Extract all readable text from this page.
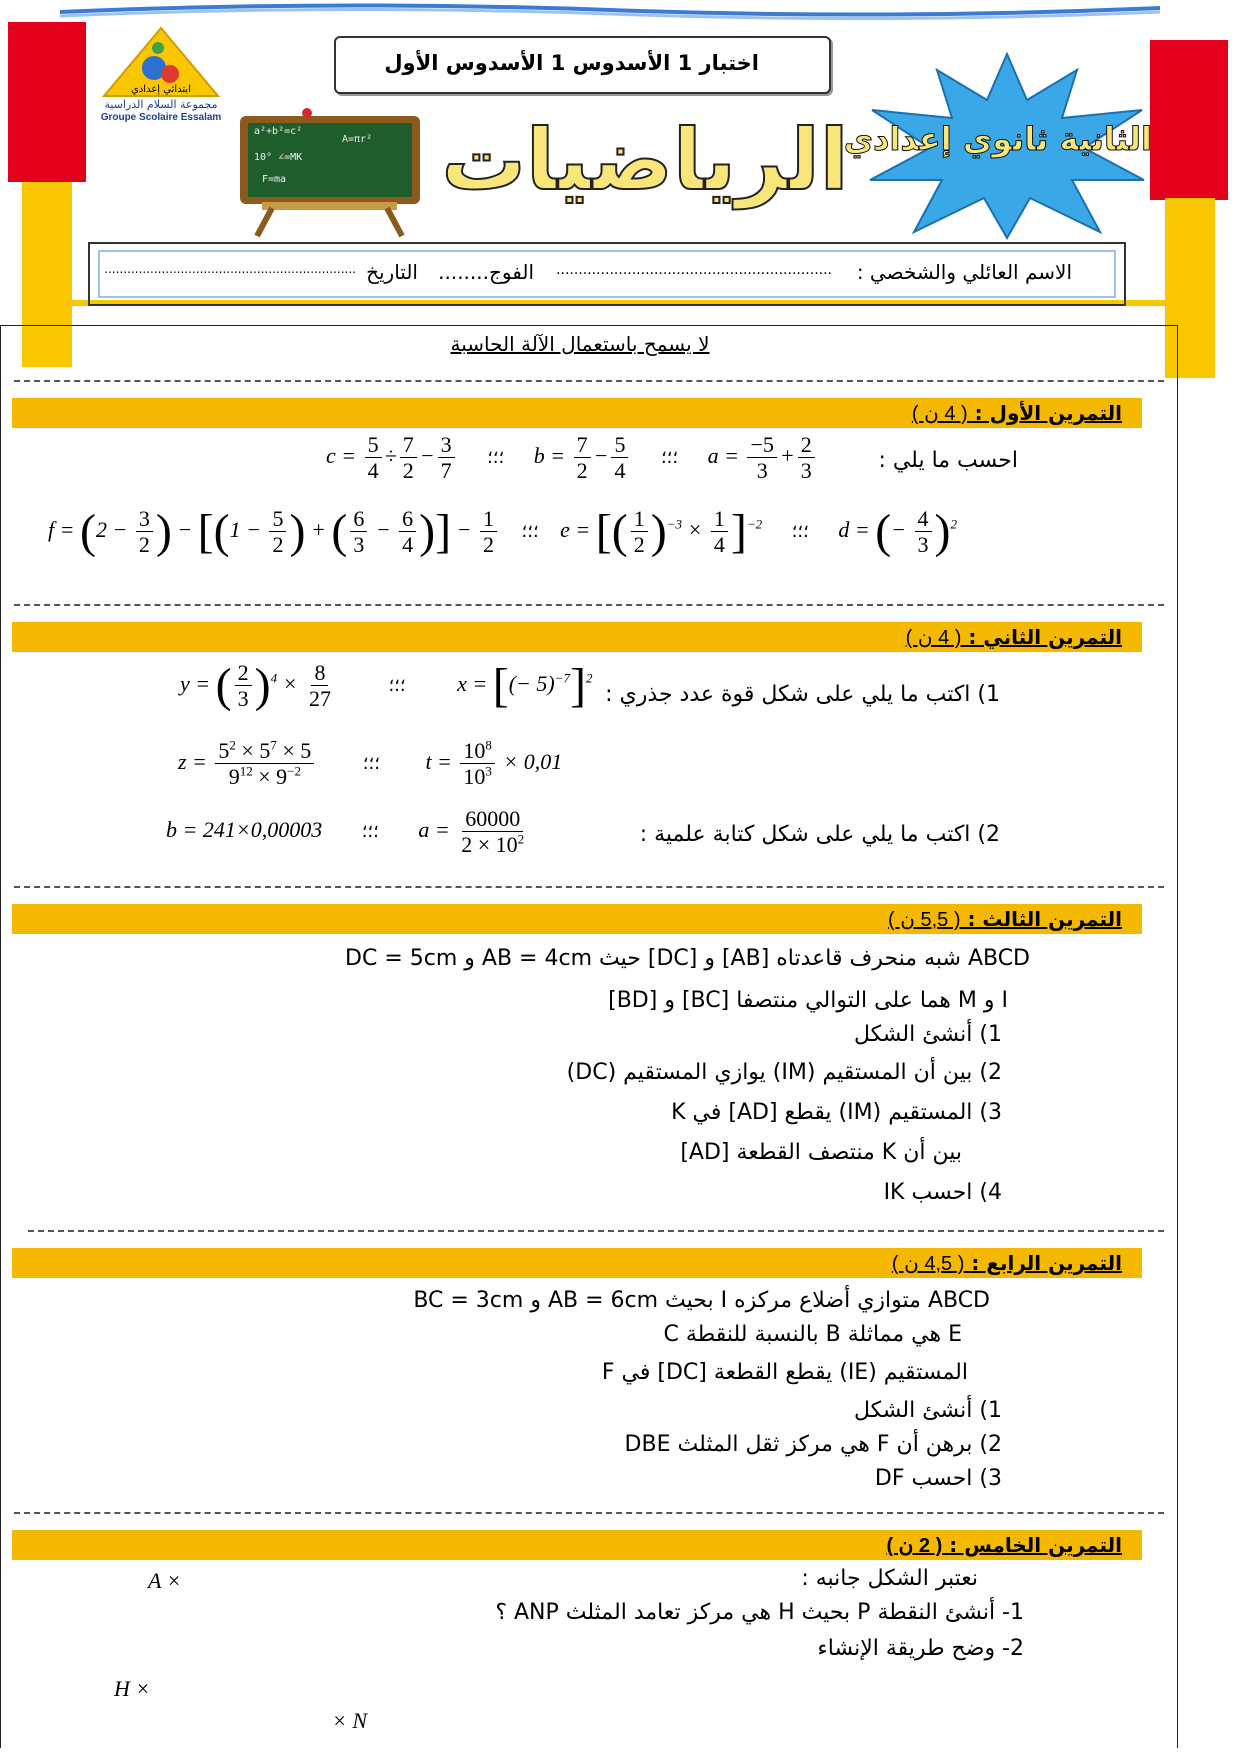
ابتدائي إعدادي
مجموعة السلام الدراسية
Groupe Scolaire Essalam
اختبار 1 الأسدوس 1 الأسدوس الأول
a²+b²=c²
A=πr²
10° ∠=MK
F=ma الرياضيات
الثانية ثانوي إعدادي
الاسم العائلي والشخصي :
..............................................................
الفوج........
التاريخ
..................................................................
لا يسمح باستعمال الآلة الحاسبة
التمرين الأول : ( 4 ن )
احسب ما يلي :
$c = \frac{5}{4} \div \frac{7}{2} - \frac{3}{7}$ ؛؛؛ $b = \frac{7}{2} - \frac{5}{4}$ ؛؛؛ $a = \frac{-5}{3} + \frac{2}{3}$
$f = (2 - \frac{3}{2}$ ) − [($1 - \frac{5}{2}$ ) + ( $\frac{6}{3} - \frac{6}{4}$ )] − $\frac{1}{2}$ ؛؛؛ e = [( $\frac{1}{2} )^{-3} \times \frac{1}{4} ]^{-2}$ ؛؛؛ d = (− $\frac{4}{3} )^2$
التمرين الثاني : ( 4 ن )
1) اكتب ما يلي على شكل قوة عدد جذري :
y = ( $\frac{2}{3} )^4 \times \frac{8}{27}$	؛؛؛ x = [(− 5)$^{-7}$]$^2$
$z = \frac{5^2 \times 5^7 \times 5}{9^{12} \times 9^{-2}}$	؛؛؛ $t = \frac{10^8}{10^3} \times 0,01$
2) اكتب ما يلي على شكل كتابة علمية :
b = 241×0,00003 ؛؛؛ $a = \frac{60000}{2 \times 10^2}$
التمرين الثالث : ( 5,5 ن )
ABCD شبه منحرف قاعدتاه [AB] و [DC] حيث AB = 4cm و DC = 5cm
I و M هما على التوالي منتصفا [BC] و [BD]
1) أنشئ الشكل
2) بين أن المستقيم (IM) يوازي المستقيم (DC)
3) المستقيم (IM) يقطع [AD] في K
بين أن K منتصف القطعة [AD]
4) احسب IK
التمرين الرابع : ( 4,5 ن )
ABCD متوازي أضلاع مركزه I بحيث AB = 6cm و BC = 3cm
E هي مماثلة B بالنسبة للنقطة C
المستقيم (IE) يقطع القطعة [DC] في F
1) أنشئ الشكل
2) برهن أن F هي مركز ثقل المثلث DBE
3) احسب DF
التمرين الخامس : ( 2 ن )
نعتبر الشكل جانبه :
1- أنشئ النقطة P بحيث H هي مركز تعامد المثلث ANP ؟
2- وضح طريقة الإنشاء
A ×
H ×
× N
